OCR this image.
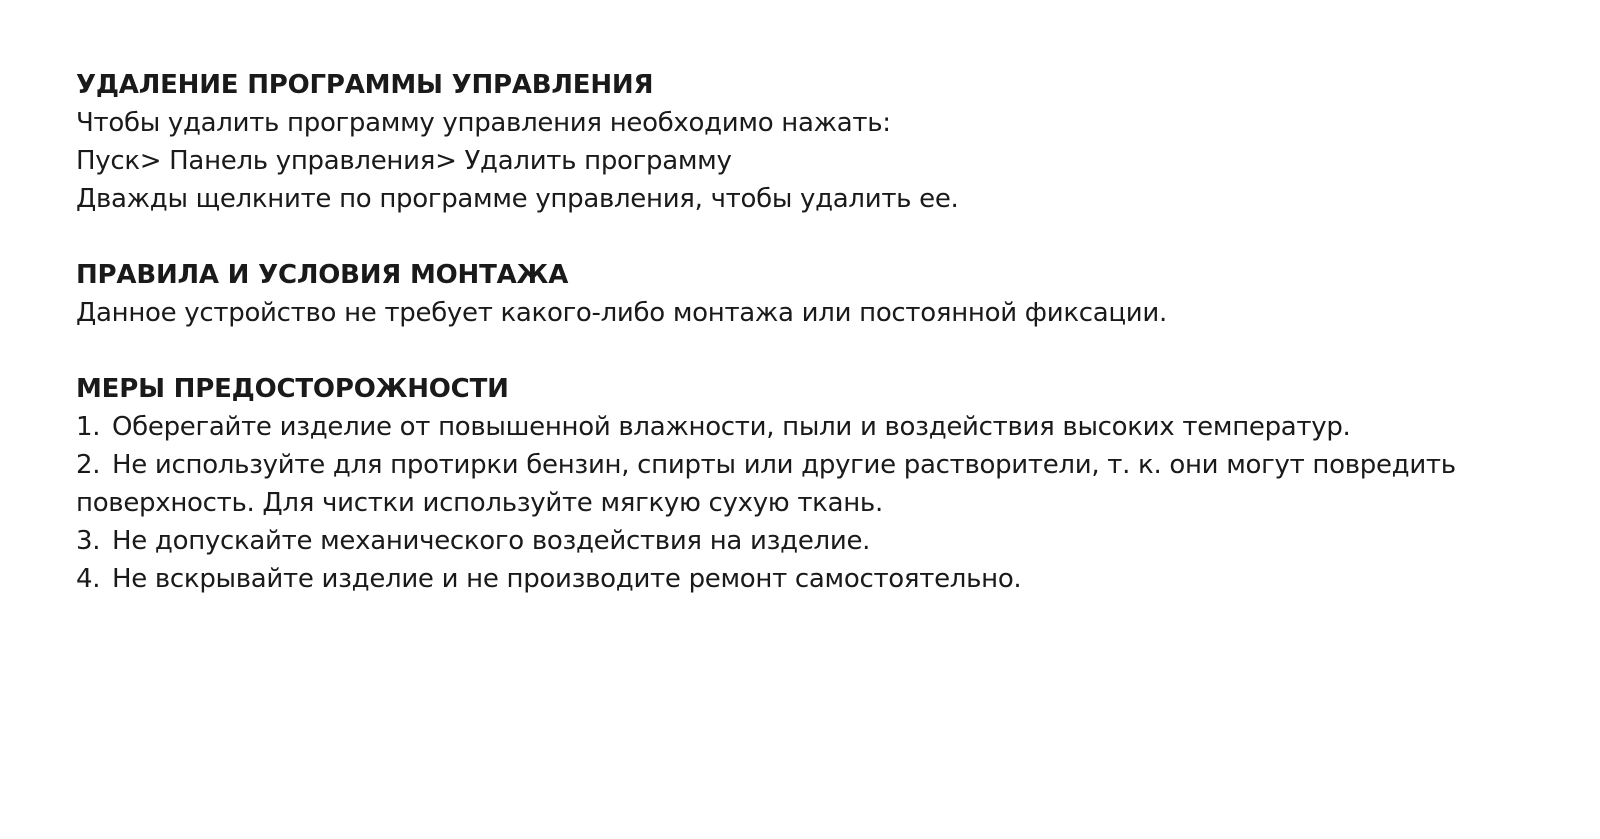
УДАЛЕНИЕ ПРОГРАММЫ УПРАВЛЕНИЯ

Чтобы удалить программу управления необходимо нажать:

Пуск> Панель управления> Удалить программу

Дважды щелкните по программе управления, чтобы удалить ее.

ПРАВИЛА И УСЛОВИЯ МОНТАЖА

Данное устройство не требует какого-либо монтажа или постоянной фиксации.

МЕРЫ ПРЕДОСТОРОЖНОСТИ

1. Оберегайте изделие от повышенной влажности, пыли и воздействия высоких температур.
2. Не используйте для протирки бензин, спирты или другие растворители, т. к. они могут повредить
поверхность. Для чистки используйте мягкую сухую ткань.
3. Не допускайте механического воздействия на изделие.
4. Не вскрывайте изделие и не производите ремонт самостоятельно.
